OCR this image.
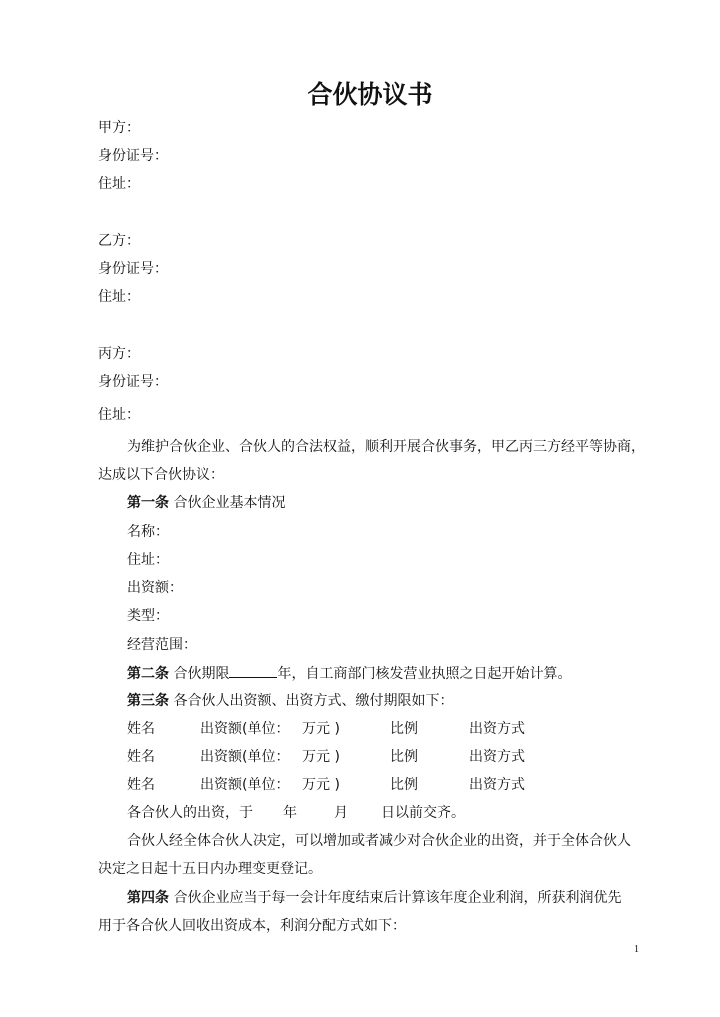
合伙协议书
甲方：
身份证号：
住址：
乙方：
身份证号：
住址：
丙方：
身份证号：
住址：
为维护合伙企业、合伙人的合法权益，顺利开展合伙事务，甲乙丙三方经平等协商，
达成以下合伙协议：
第一条 合伙企业基本情况
名称：
住址：
出资额：
类型：
经营范围：
第二条 合伙期限	年，自工商部门核发营业执照之日起开始计算。
第三条 各合伙人出资额、出资方式、缴付期限如下：
姓名	出资额(单位： 万元 )	比例	出资方式
姓名	出资额(单位： 万元 )	比例	出资方式
姓名	出资额(单位： 万元 )	比例	出资方式
各合伙人的出资，于 年	月 日以前交齐。
合伙人经全体合伙人决定，可以增加或者减少对合伙企业的出资，并于全体合伙人
决定之日起十五日内办理变更登记。
第四条 合伙企业应当于每一会计年度结束后计算该年度企业利润，所获利润优先
用于各合伙人回收出资成本，利润分配方式如下：
1
